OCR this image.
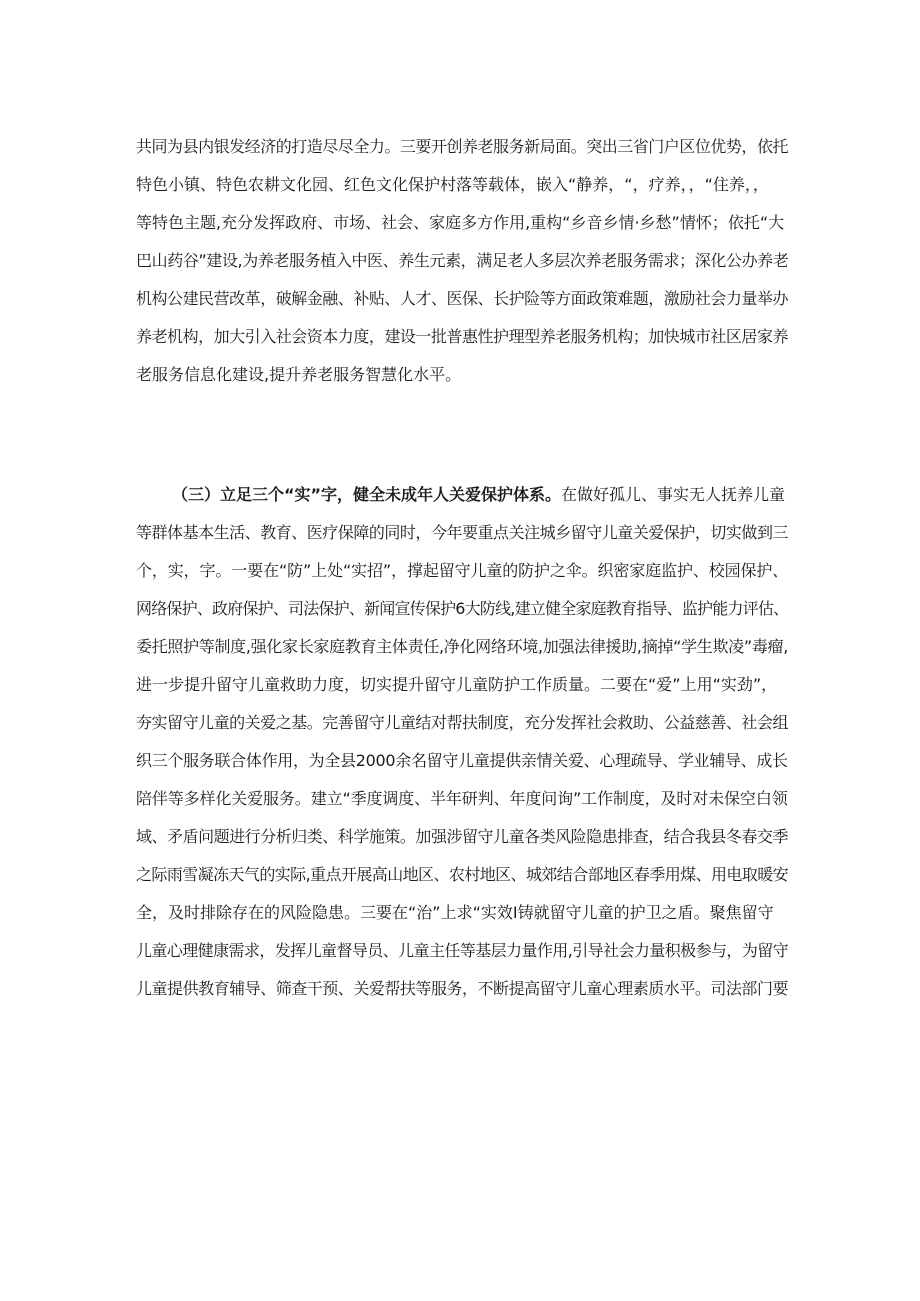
共同为县内银发经济的打造尽尽全力。三要开创养老服务新局面。突出三省门户区位优势，依托
特色小镇、特色农耕文化园、红色文化保护村落等载体，嵌入“静养，“，疗养，，“住养，，
等特色主题,充分发挥政府、市场、社会、家庭多方作用,重构“乡音乡情·乡愁”情怀；依托“大
巴山药谷”建设,为养老服务植入中医、养生元素，满足老人多层次养老服务需求；深化公办养老
机构公建民营改革，破解金融、补贴、人才、医保、长护险等方面政策难题，激励社会力量举办
养老机构，加大引入社会资本力度，建设一批普惠性护理型养老服务机构；加快城市社区居家养
老服务信息化建设,提升养老服务智慧化水平。
（三）立足三个“实”字，健全未成年人关爱保护体系。在做好孤儿、事实无人抚养儿童
等群体基本生活、教育、医疗保障的同时，今年要重点关注城乡留守儿童关爱保护，切实做到三
个，实，字。一要在“防”上处“实招”，撑起留守儿童的防护之伞。织密家庭监护、校园保护、
网络保护、政府保护、司法保护、新闻宣传保护6大防线,建立健全家庭教育指导、监护能力评估、
委托照护等制度,强化家长家庭教育主体责任,净化网络环境,加强法律援助,摘掉“学生欺凌”毒瘤,
进一步提升留守儿童救助力度，切实提升留守儿童防护工作质量。二要在“爱”上用“实劲”，
夯实留守儿童的关爱之基。完善留守儿童结对帮扶制度，充分发挥社会救助、公益慈善、社会组
织三个服务联合体作用，为全县2000余名留守儿童提供亲情关爱、心理疏导、学业辅导、成长
陪伴等多样化关爱服务。建立“季度调度、半年研判、年度问询”工作制度，及时对未保空白领
域、矛盾问题进行分析归类、科学施策。加强涉留守儿童各类风险隐患排查，结合我县冬春交季
之际雨雪凝冻天气的实际,重点开展高山地区、农村地区、城郊结合部地区春季用煤、用电取暖安
全，及时排除存在的风险隐患。三要在“治”上求“实效Ⅰ铸就留守儿童的护卫之盾。聚焦留守
儿童心理健康需求，发挥儿童督导员、儿童主任等基层力量作用,引导社会力量积极参与，为留守
儿童提供教育辅导、筛查干预、关爱帮扶等服务，不断提高留守儿童心理素质水平。司法部门要
